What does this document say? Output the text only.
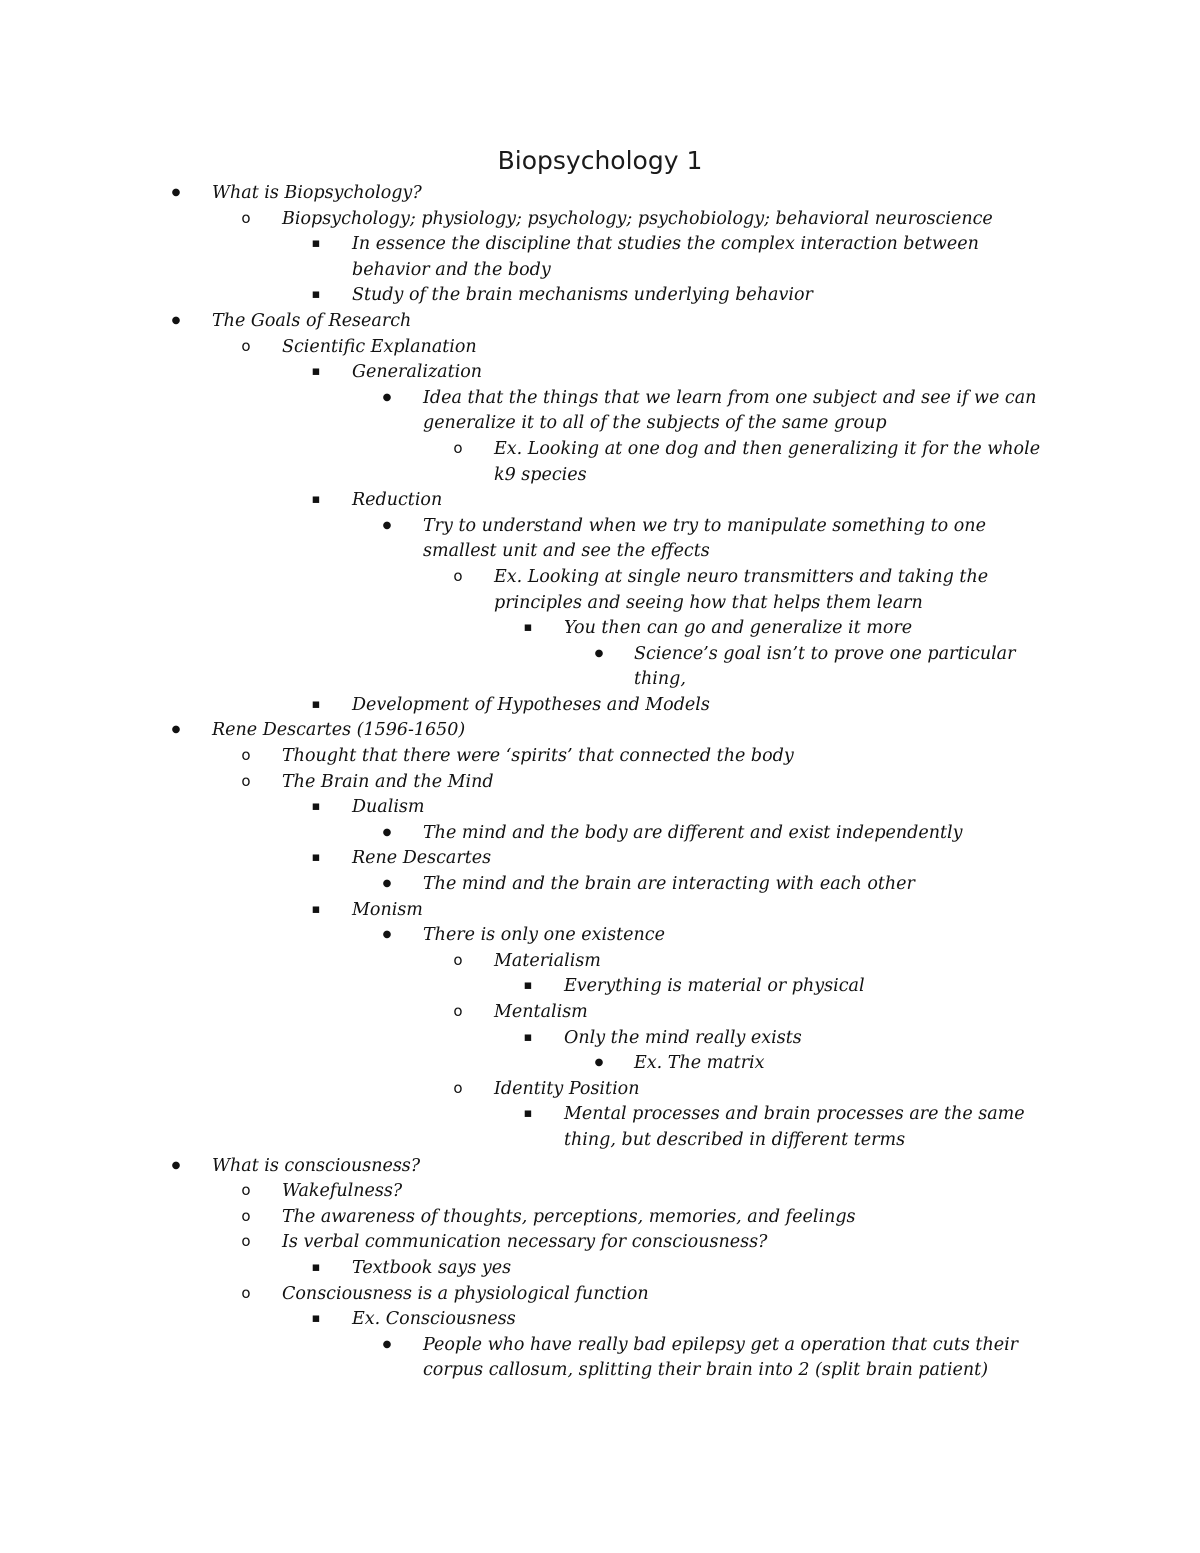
Biopsychology 1
●
What is Biopsychology?
o
Biopsychology; physiology; psychology; psychobiology; behavioral neuroscience
▪
In essence the discipline that studies the complex interaction between behavior and the body
▪
Study of the brain mechanisms underlying behavior
●
The Goals of Research
o
Scientific Explanation
▪
Generalization
●
Idea that the things that we learn from one subject and see if we can generalize it to all of the subjects of the same group
o
Ex. Looking at one dog and then generalizing it for the whole k9 species
▪
Reduction
●
Try to understand when we try to manipulate something to one smallest unit and see the effects
o
Ex. Looking at single neuro transmitters and taking the principles and seeing how that helps them learn
▪
You then can go and generalize it more
●
Science’s goal isn’t to prove one particular thing,
▪
Development of Hypotheses and Models
●
Rene Descartes (1596-1650)
o
Thought that there were ‘spirits’ that connected the body
o
The Brain and the Mind
▪
Dualism
●
The mind and the body are different and exist independently
▪
Rene Descartes
●
The mind and the brain are interacting with each other
▪
Monism
●
There is only one existence
o
Materialism
▪
Everything is material or physical
o
Mentalism
▪
Only the mind really exists
●
Ex. The matrix
o
Identity Position
▪
Mental processes and brain processes are the same thing, but described in different terms
●
What is consciousness?
o
Wakefulness?
o
The awareness of thoughts, perceptions, memories, and feelings
o
Is verbal communication necessary for consciousness?
▪
Textbook says yes
o
Consciousness is a physiological function
▪
Ex. Consciousness
●
People who have really bad epilepsy get a operation that cuts their corpus callosum, splitting their brain into 2 (split brain patient)
